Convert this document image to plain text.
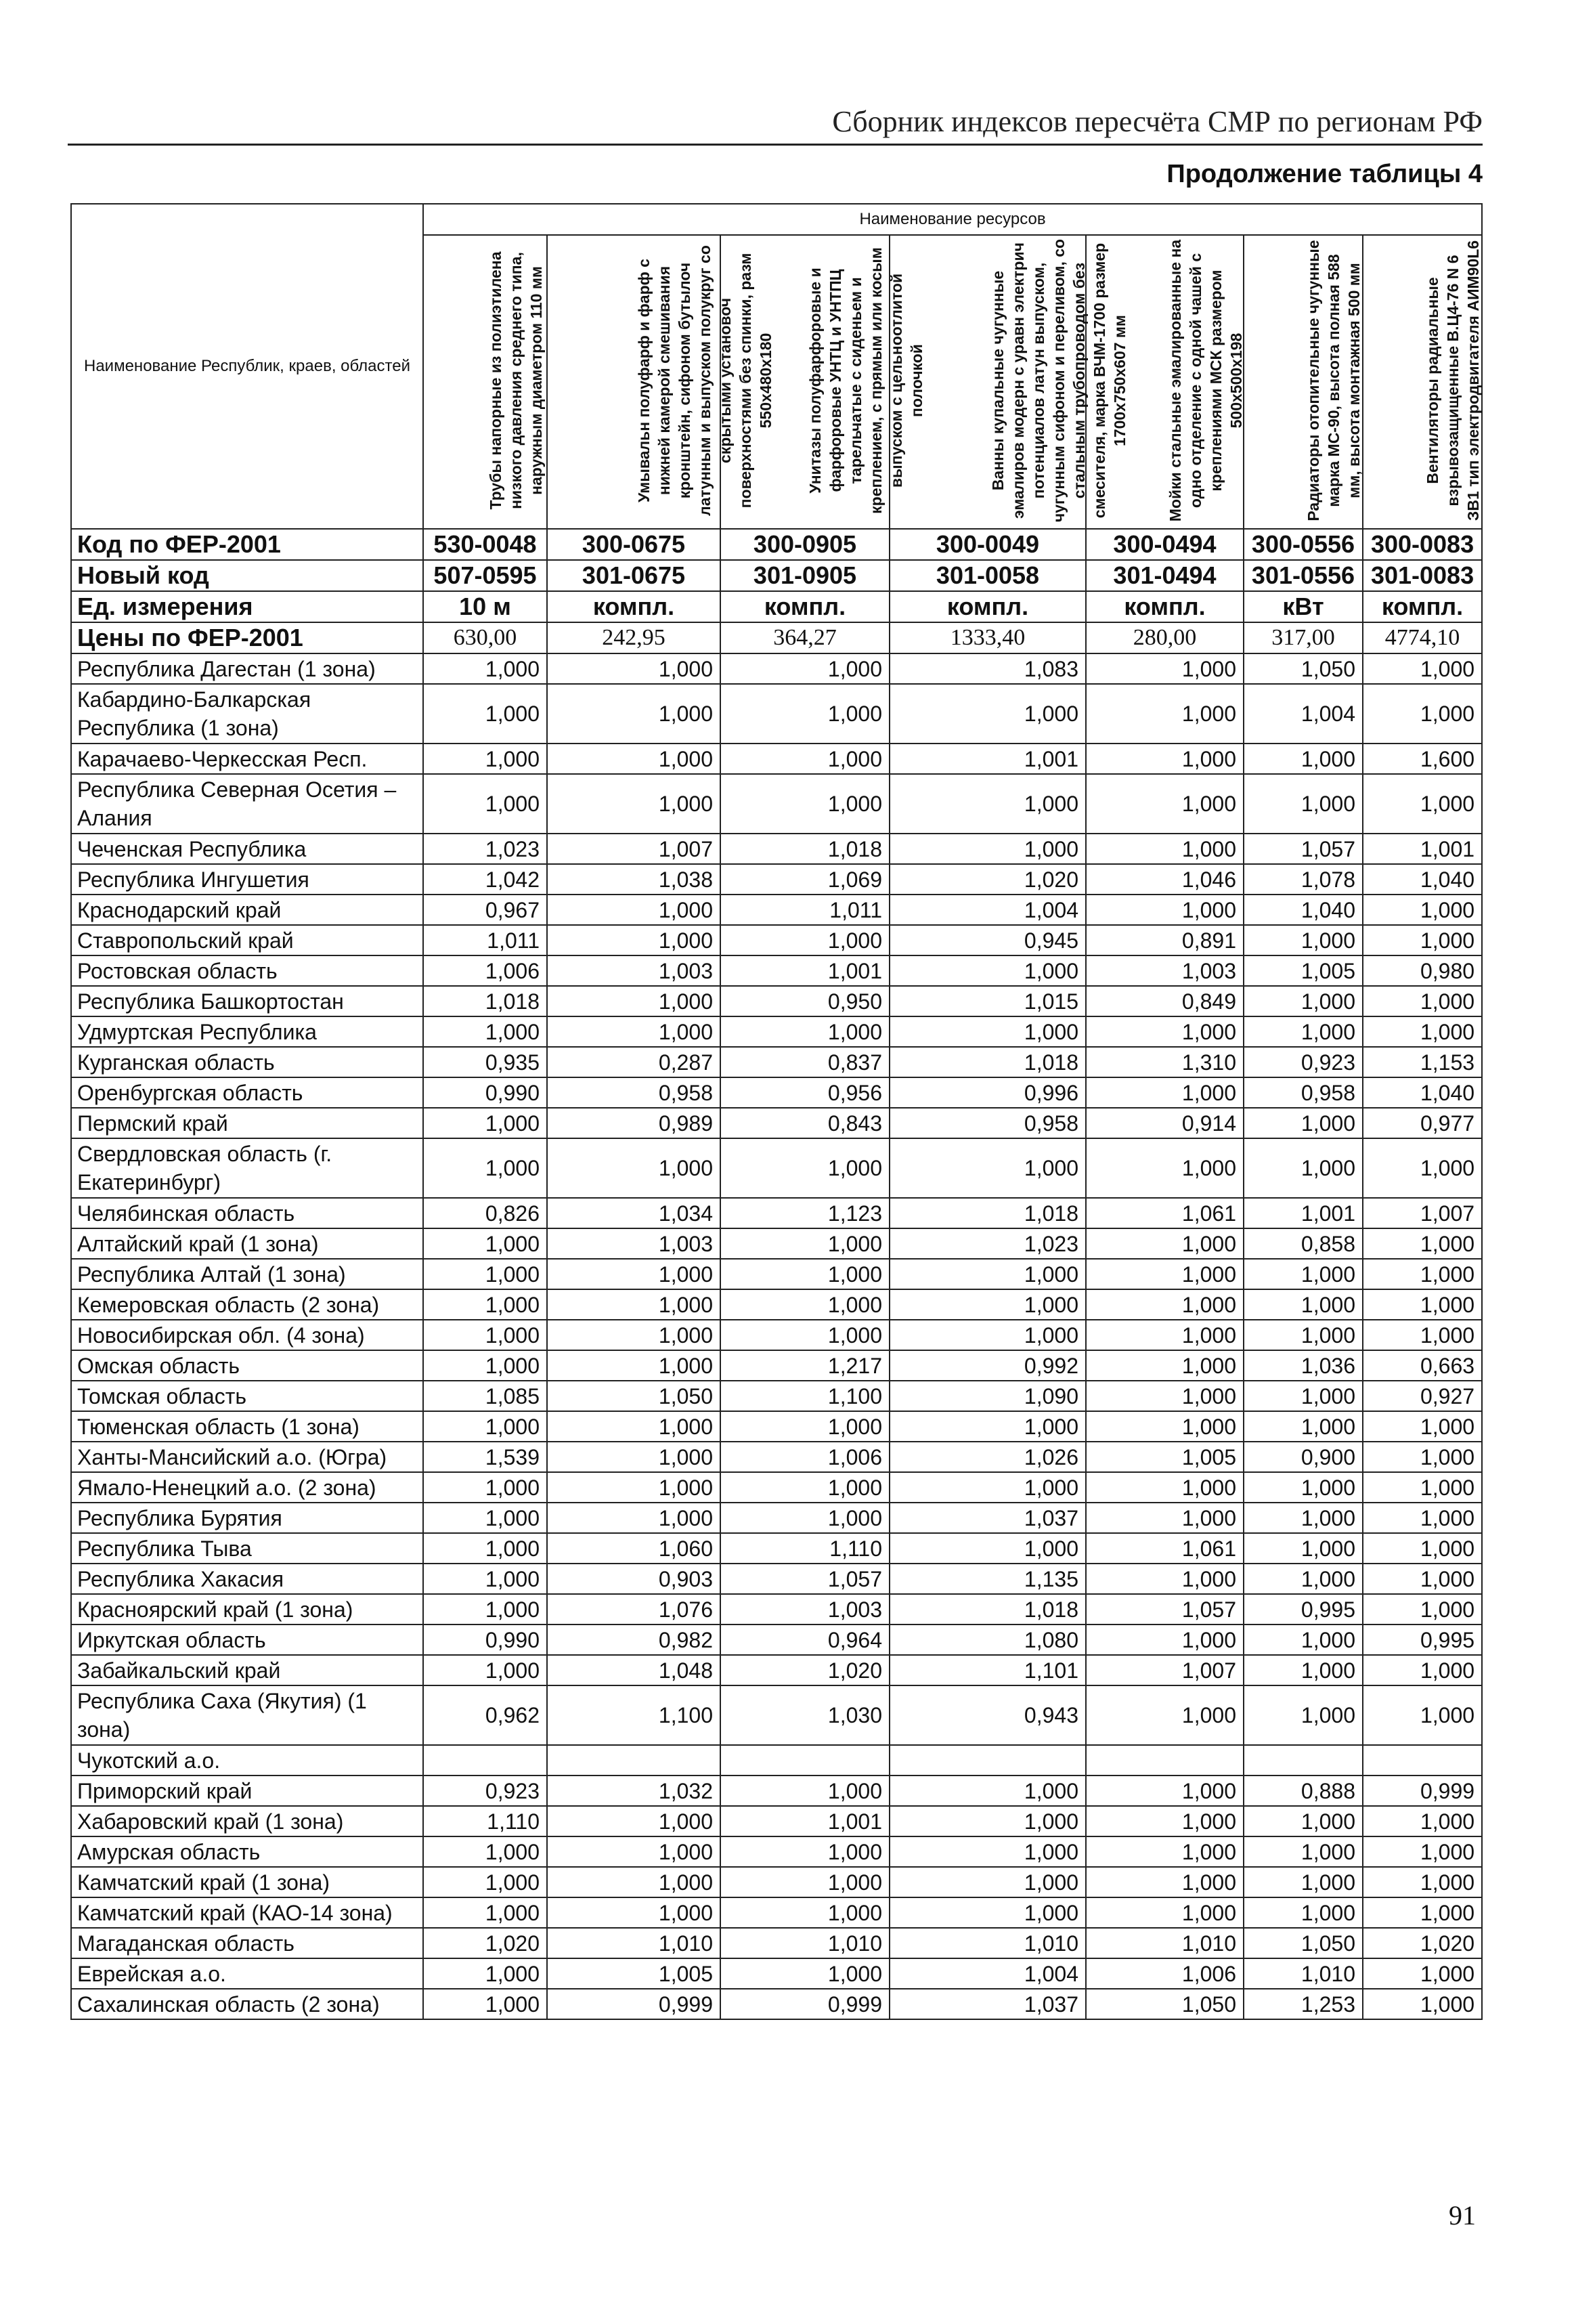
Сборник индексов пересчёта СМР по регионам РФ
Продолжение таблицы 4
Наименование Республик, краев, областей	Наименование ресурсов						

	Трубы напорные из полиэтилена низкого давления среднего типа, наружным диаметром 110 мм	Умывальн полуфарф и фарф с нижней камерой смешивания кронштейн, сифоном бутылоч латунным и выпуском полукруг со скрытыми установоч поверхностями без спинки, разм 550х480х180	Унитазы полуфарфоровые и фарфоровые УНТЦ и УНТПЦ тарельчатые с сиденьем и креплением, с прямым или косым выпуском с цельноотлитой полочкой	Ванны купальные чугунные эмалиров модерн с уравн электрич потенциалов латун выпуском, чугунным сифоном и переливом, со стальным трубопроводом без смесителя, марка ВЧМ-1700 размер 1700х750х607 мм	Мойки стальные эмалированные на одно отделение с одной чашей с креплениями МСК размером 500х500х198	Радиаторы отопительные чугунные марка МС-90, высота полная 588 мм, высота монтажная 500 мм	Вентиляторы радиальные взрывозащищенные В.Ц4-76 N 6 ЗВ1 тип электродвигателя АИМ90L6

Код по ФЕР-2001	530-0048	300-0675	300-0905	300-0049	300-0494	300-0556	300-0083
Новый код	507-0595	301-0675	301-0905	301-0058	301-0494	301-0556	301-0083
Ед. измерения	10 м	компл.	компл.	компл.	компл.	кВт	компл.
Цены по ФЕР-2001	630,00	242,95	364,27	1333,40	280,00	317,00	4774,10
Республика Дагестан (1 зона)	1,000	1,000	1,000	1,083	1,000	1,050	1,000
Кабардино-Балкарская Республика (1 зона)	1,000	1,000	1,000	1,000	1,000	1,004	1,000
Карачаево-Черкесская Респ.	1,000	1,000	1,000	1,001	1,000	1,000	1,600
Республика Северная Осетия – Алания	1,000	1,000	1,000	1,000	1,000	1,000	1,000
Чеченская Республика	1,023	1,007	1,018	1,000	1,000	1,057	1,001
Республика Ингушетия	1,042	1,038	1,069	1,020	1,046	1,078	1,040
Краснодарский край	0,967	1,000	1,011	1,004	1,000	1,040	1,000
Ставропольский край	1,011	1,000	1,000	0,945	0,891	1,000	1,000
Ростовская область	1,006	1,003	1,001	1,000	1,003	1,005	0,980
Республика Башкортостан	1,018	1,000	0,950	1,015	0,849	1,000	1,000
Удмуртская Республика	1,000	1,000	1,000	1,000	1,000	1,000	1,000
Курганская область	0,935	0,287	0,837	1,018	1,310	0,923	1,153
Оренбургская область	0,990	0,958	0,956	0,996	1,000	0,958	1,040
Пермский край	1,000	0,989	0,843	0,958	0,914	1,000	0,977
Свердловская область (г. Екатеринбург)	1,000	1,000	1,000	1,000	1,000	1,000	1,000
Челябинская область	0,826	1,034	1,123	1,018	1,061	1,001	1,007
Алтайский край (1 зона)	1,000	1,003	1,000	1,023	1,000	0,858	1,000
Республика Алтай (1 зона)	1,000	1,000	1,000	1,000	1,000	1,000	1,000
Кемеровская область (2 зона)	1,000	1,000	1,000	1,000	1,000	1,000	1,000
Новосибирская обл. (4 зона)	1,000	1,000	1,000	1,000	1,000	1,000	1,000
Омская область	1,000	1,000	1,217	0,992	1,000	1,036	0,663
Томская область	1,085	1,050	1,100	1,090	1,000	1,000	0,927
Тюменская область (1 зона)	1,000	1,000	1,000	1,000	1,000	1,000	1,000
Ханты-Мансийский а.о. (Югра)	1,539	1,000	1,006	1,026	1,005	0,900	1,000
Ямало-Ненецкий а.о. (2 зона)	1,000	1,000	1,000	1,000	1,000	1,000	1,000
Республика Бурятия	1,000	1,000	1,000	1,037	1,000	1,000	1,000
Республика Тыва	1,000	1,060	1,110	1,000	1,061	1,000	1,000
Республика Хакасия	1,000	0,903	1,057	1,135	1,000	1,000	1,000
Красноярский край (1 зона)	1,000	1,076	1,003	1,018	1,057	0,995	1,000
Иркутская область	0,990	0,982	0,964	1,080	1,000	1,000	0,995
Забайкальский край	1,000	1,048	1,020	1,101	1,007	1,000	1,000
Республика Саха (Якутия) (1 зона)	0,962	1,100	1,030	0,943	1,000	1,000	1,000
Чукотский а.о.							
Приморский край	0,923	1,032	1,000	1,000	1,000	0,888	0,999
Хабаровский край (1 зона)	1,110	1,000	1,001	1,000	1,000	1,000	1,000
Амурская область	1,000	1,000	1,000	1,000	1,000	1,000	1,000
Камчатский край (1 зона)	1,000	1,000	1,000	1,000	1,000	1,000	1,000
Камчатский край (КАО-14 зона)	1,000	1,000	1,000	1,000	1,000	1,000	1,000
Магаданская область	1,020	1,010	1,010	1,010	1,010	1,050	1,020
Еврейская а.о.	1,000	1,005	1,000	1,004	1,006	1,010	1,000
Сахалинская область (2 зона)	1,000	0,999	0,999	1,037	1,050	1,253	1,000
91
